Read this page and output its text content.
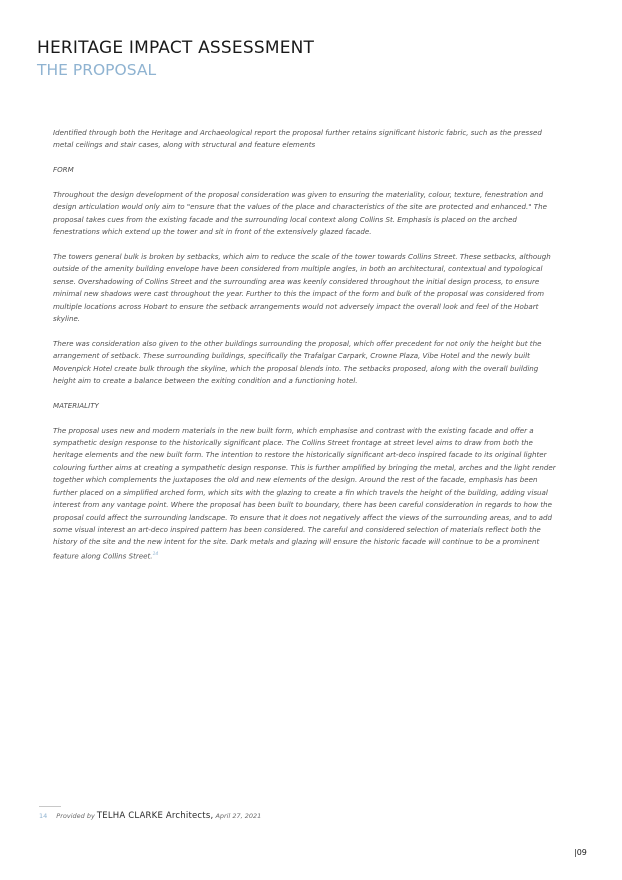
HERITAGE IMPACT ASSESSMENT
THE PROPOSAL

Identified through both the Heritage and Archaeological report the proposal further retains significant historic fabric, such as the pressed metal ceilings and stair cases, along with structural and feature elements

FORM

Throughout the design development of the proposal consideration was given to ensuring the materiality, colour, texture, fenestration and design articulation would only aim to "ensure that the values of the place and characteristics of the site are protected and enhanced." The proposal takes cues from the existing facade and the surrounding local context along Collins St. Emphasis is placed on the arched fenestrations which extend up the tower and sit in front of the extensively glazed facade.

The towers general bulk is broken by setbacks, which aim to reduce the scale of the tower towards Collins Street. These setbacks, although outside of the amenity building envelope have been considered from multiple angles, in both an architectural, contextual and typological sense. Overshadowing of Collins Street and the surrounding area was keenly considered throughout the initial design process, to ensure minimal new shadows were cast throughout the year. Further to this the impact of the form and bulk of the proposal was considered from multiple locations across Hobart to ensure the setback arrangements would not adversely impact the overall look and feel of the Hobart skyline.

There was consideration also given to the other buildings surrounding the proposal, which offer precedent for not only the height but the arrangement of setback. These surrounding buildings, specifically the Trafalgar Carpark, Crowne Plaza, Vibe Hotel and the newly built Movenpick Hotel create bulk through the skyline, which the proposal blends into. The setbacks proposed, along with the overall building height aim to create a balance between the exiting condition and a functioning hotel.

MATERIALITY

The proposal uses new and modern materials in the new built form, which emphasise and contrast with the existing facade and offer a sympathetic design response to the historically significant place. The Collins Street frontage at street level aims to draw from both the heritage elements and the new built form. The intention to restore the historically significant art-deco inspired facade to its original lighter colouring further aims at creating a sympathetic design response. This is further amplified by bringing the metal, arches and the light render together which complements the juxtaposes the old and new elements of the design. Around the rest of the facade, emphasis has been further placed on a simplified arched form, which sits with the glazing to create a fin which travels the height of the building, adding visual interest from any vantage point. Where the proposal has been built to boundary, there has been careful consideration in regards to how the proposal could affect the surrounding landscape. To ensure that it does not negatively affect the views of the surrounding areas, and to add some visual interest an art-deco inspired pattern has been considered. The careful and considered selection of materials reflect both the history of the site and the new intent for the site. Dark metals and glazing will ensure the historic facade will continue to be a prominent feature along Collins Street.$^{14}$

14 Provided by TELHA CLARKE Architects, April 27, 2021
|09
